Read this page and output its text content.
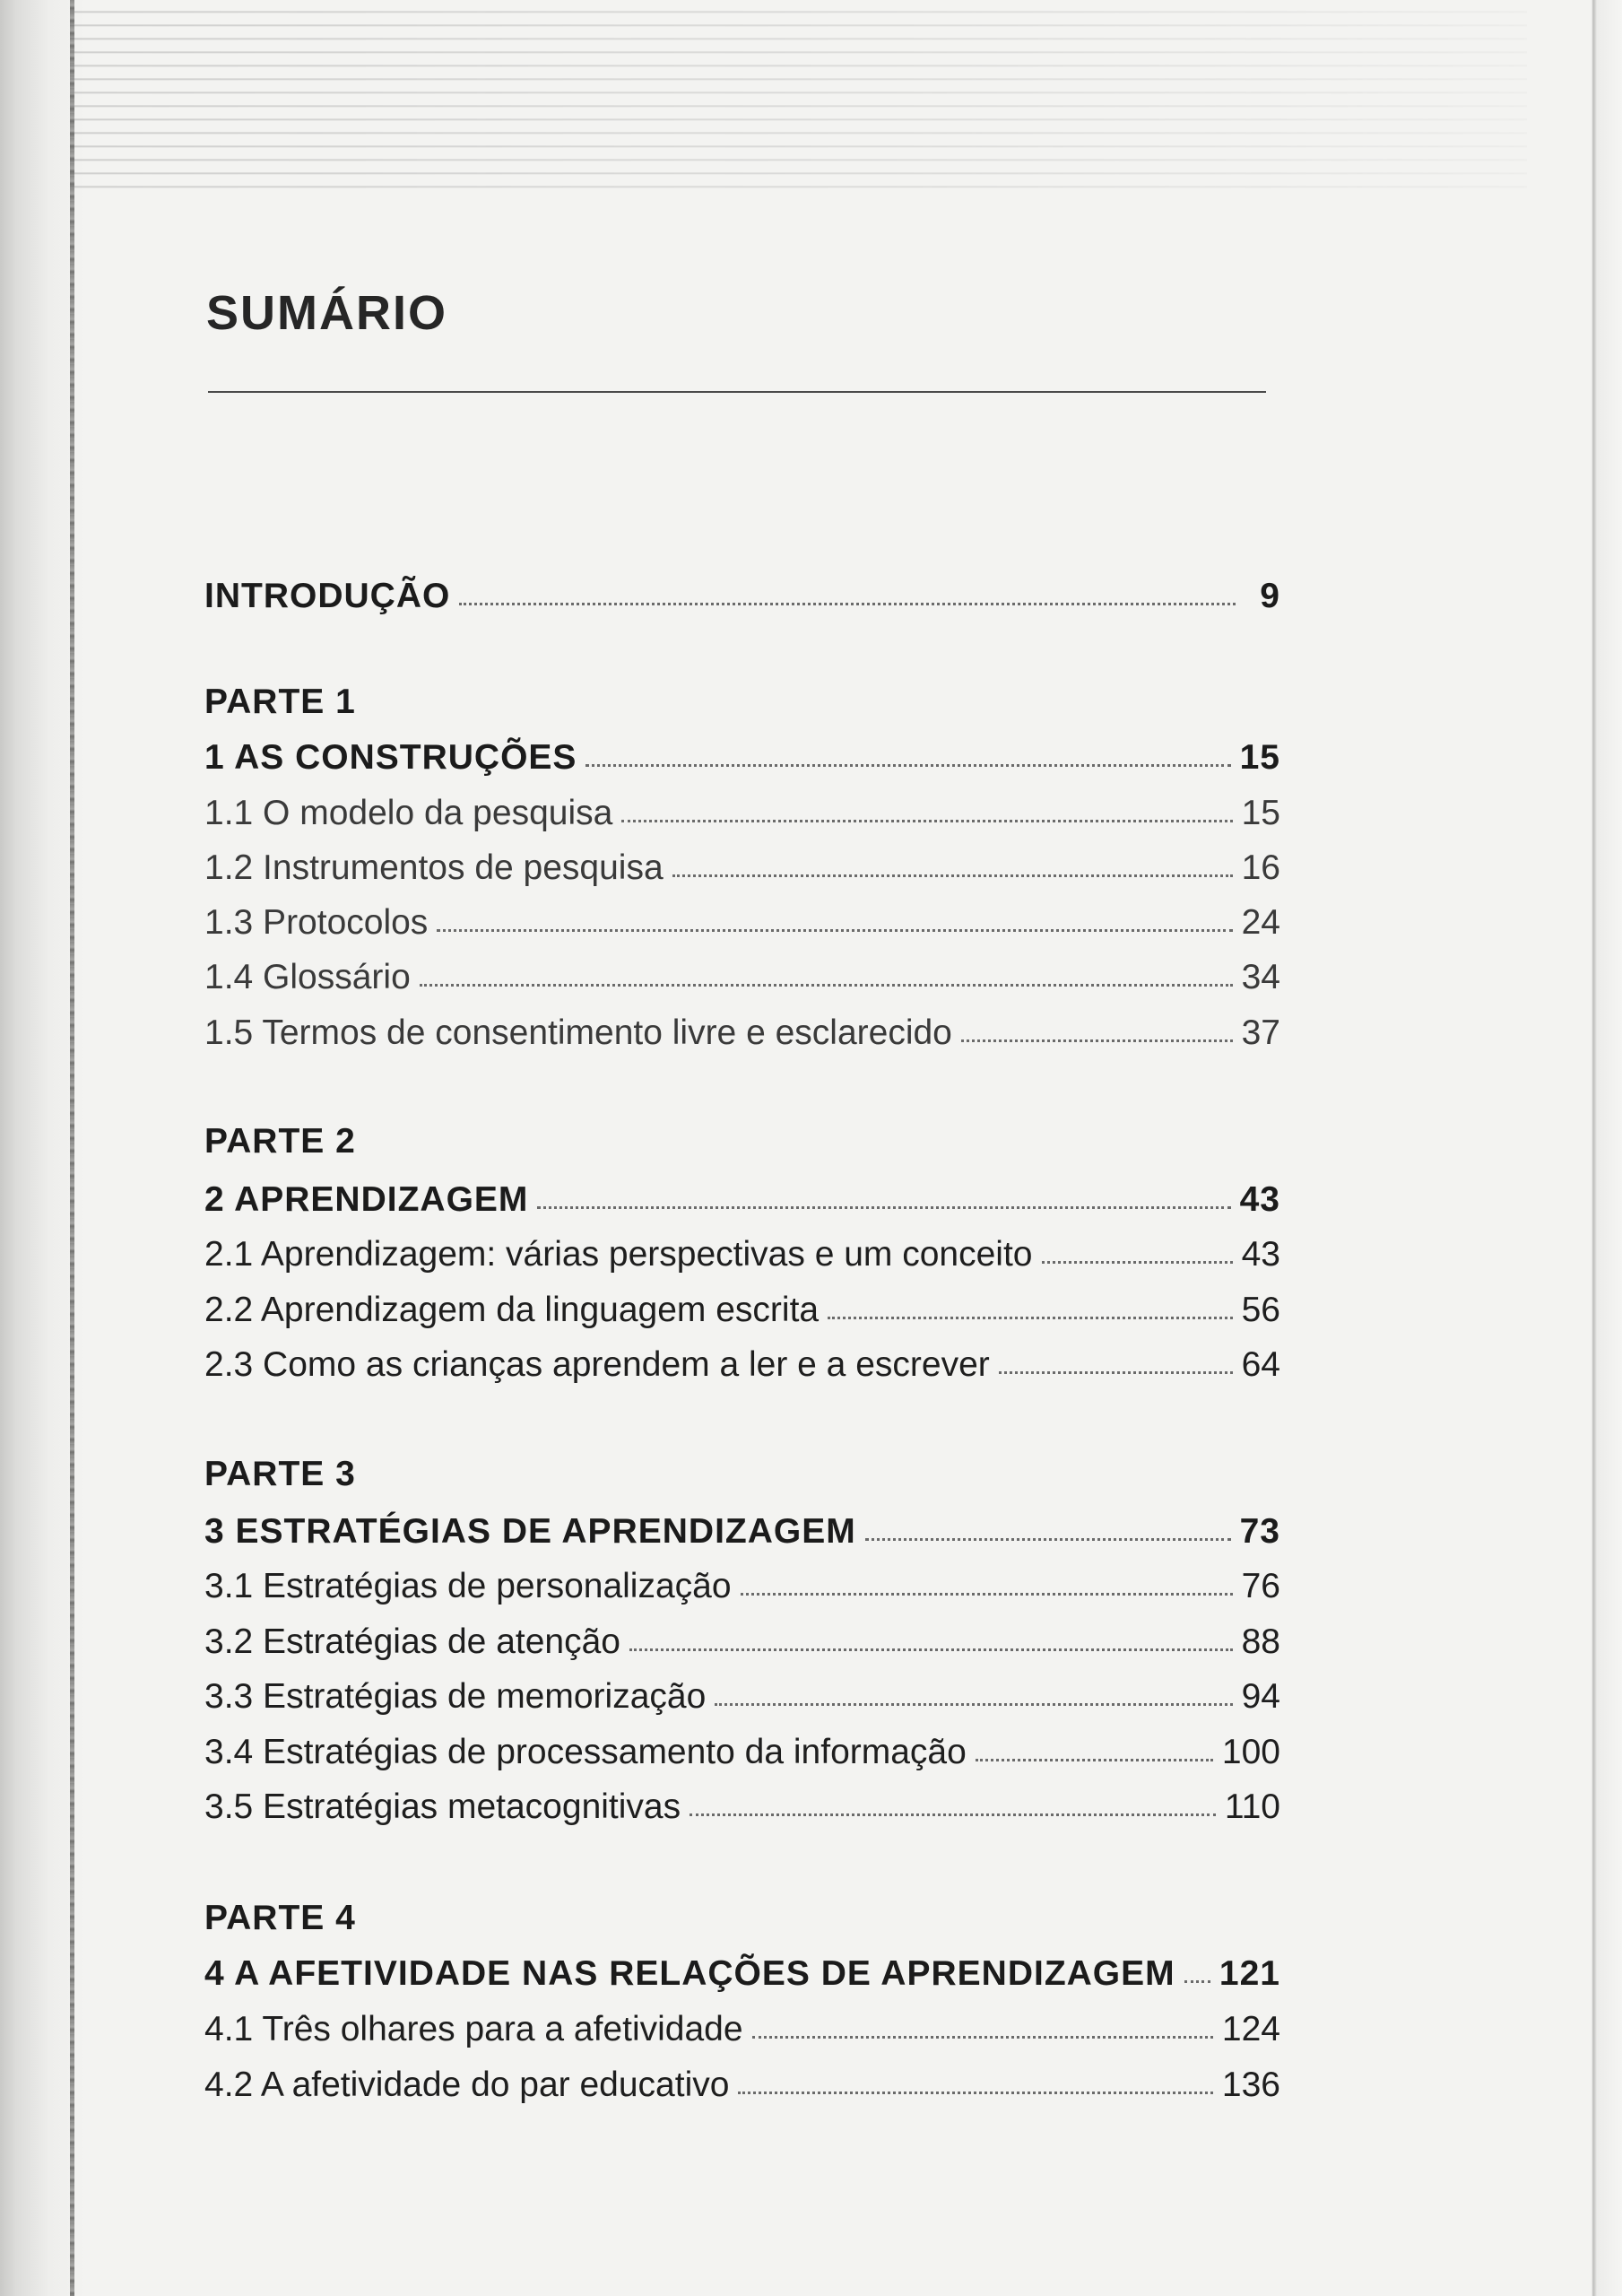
SUMÁRIO
INTRODUÇÃO	9
PARTE 1
1 AS CONSTRUÇÕES	15
1.1 O modelo da pesquisa	15
1.2 Instrumentos de pesquisa	16
1.3 Protocolos	24
1.4 Glossário	34
1.5 Termos de consentimento livre e esclarecido	37
PARTE 2
2 APRENDIZAGEM	43
2.1 Aprendizagem: várias perspectivas e um conceito	43
2.2 Aprendizagem da linguagem escrita	56
2.3 Como as crianças aprendem a ler e a escrever	64
PARTE 3
3 ESTRATÉGIAS DE APRENDIZAGEM	73
3.1 Estratégias de personalização	76
3.2 Estratégias de atenção	88
3.3 Estratégias de memorização	94
3.4 Estratégias de processamento da informação	100
3.5 Estratégias metacognitivas	110
PARTE 4
4 A AFETIVIDADE NAS RELAÇÕES DE APRENDIZAGEM 121
4.1 Três olhares para a afetividade	124
4.2 A afetividade do par educativo	136
